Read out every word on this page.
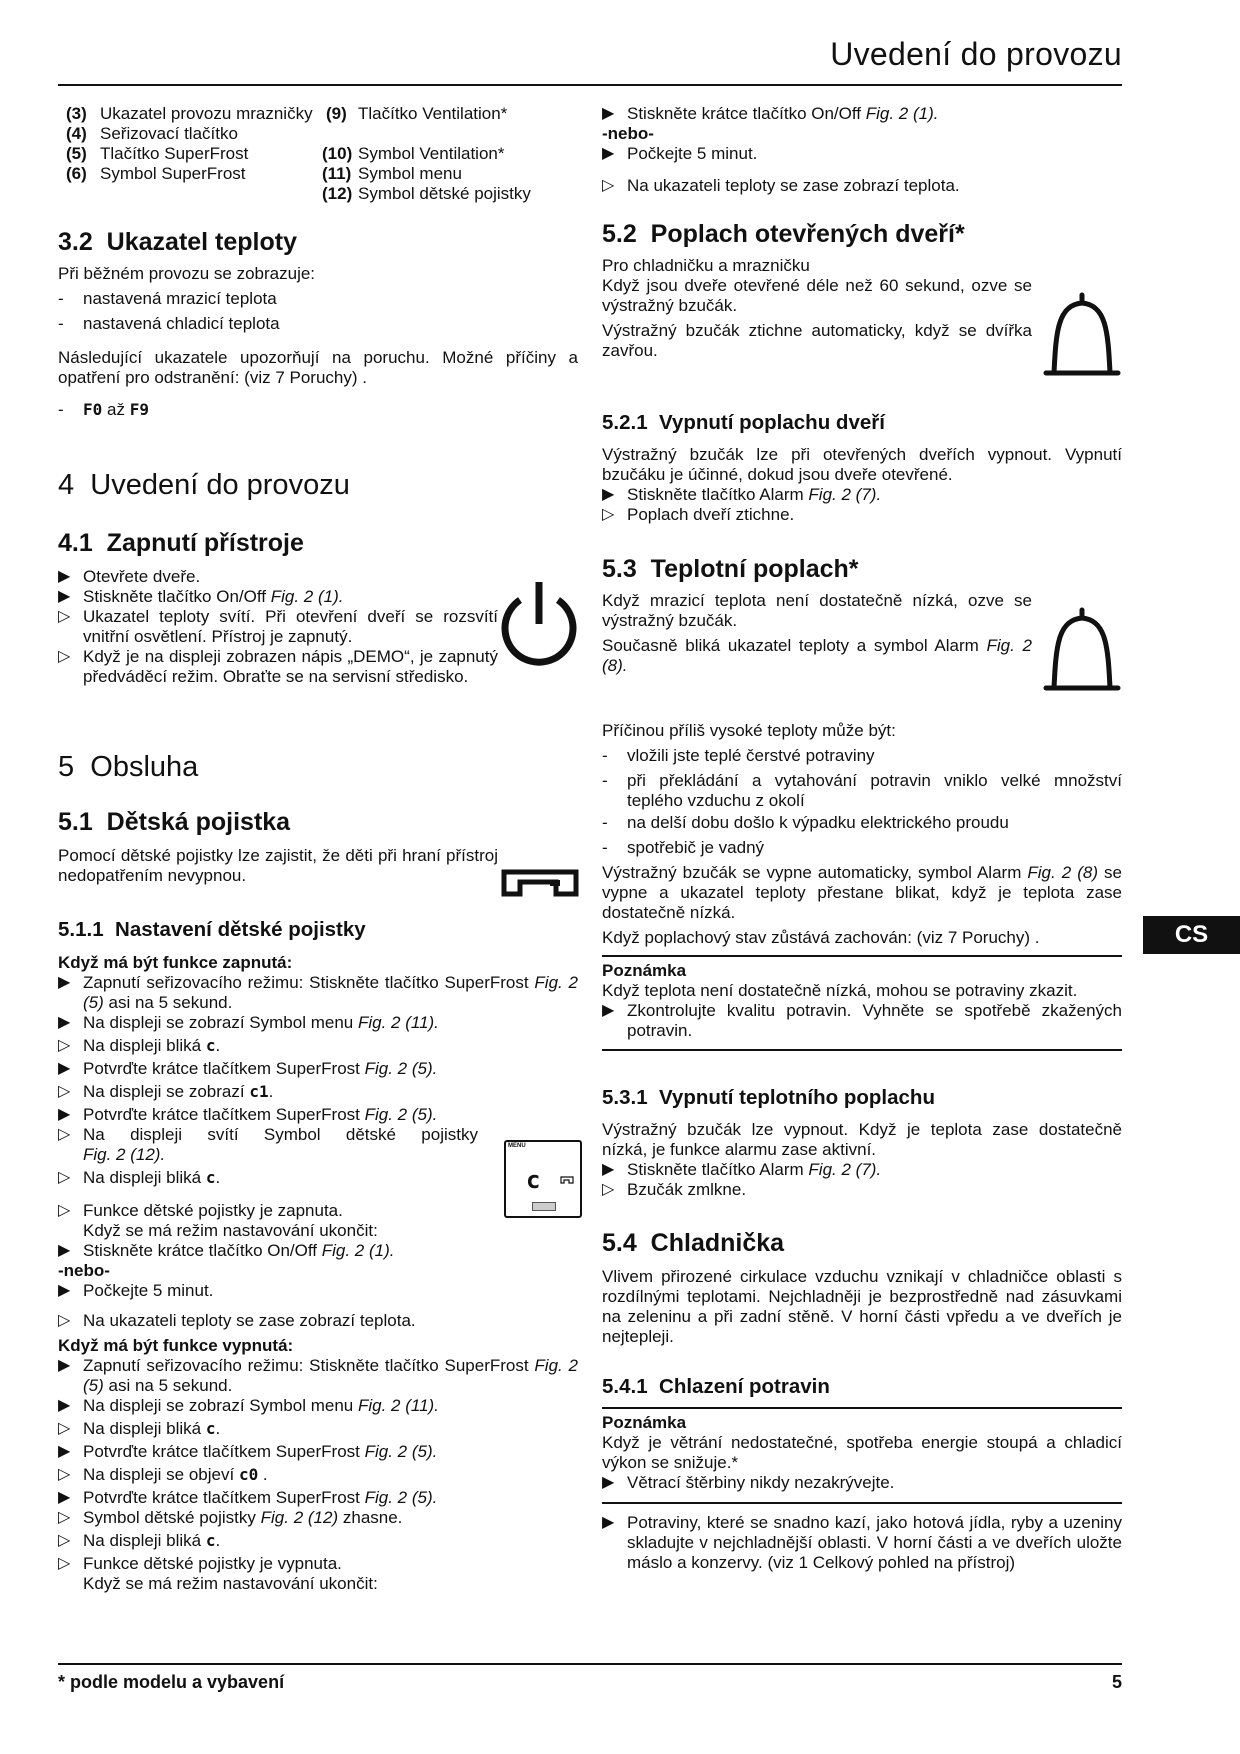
Uvedení do provozu
(3) Ukazatel provozu mrazničky
(4) Seřizovací tlačítko
(5) Tlačítko SuperFrost
(6) Symbol SuperFrost
(9) Tlačítko Ventilation*
(10) Symbol Ventilation*
(11) Symbol menu
(12) Symbol dětské pojistky
3.2 Ukazatel teploty

Při běžném provozu se zobrazuje:

- nastavená mrazicí teplota
- nastavená chladicí teplota

Následující ukazatele upozorňují na poruchu. Možné příčiny a opatření pro odstranění: (viz 7 Poruchy) .

- F0 až F9
4 Uvedení do provozu
4.1 Zapnutí přístroje
▶ Otevřete dveře.
▶ Stiskněte tlačítko On/Off Fig. 2 (1).
▷ Ukazatel teploty svítí. Při otevření dveří se rozsvítí vnitřní osvětlení. Přístroj je zapnutý.
▷ Když je na displeji zobrazen nápis „DEMO“, je zapnutý předváděcí režim. Obraťte se na servisní středisko.
5 Obsluha
5.1 Dětská pojistka

Pomocí dětské pojistky lze zajistit, že děti při hraní přístroj nedopatřením nevypnou.

5.1.1 Nastavení dětské pojistky

Když má být funkce zapnutá:

▶ Zapnutí seřizovacího režimu: Stiskněte tlačítko SuperFrost Fig. 2 (5) asi na 5 sekund.
▶ Na displeji se zobrazí Symbol menu Fig. 2 (11).
▷ Na displeji bliká c.
▶ Potvrďte krátce tlačítkem SuperFrost Fig. 2 (5).
▷ Na displeji se zobrazí c1.
▶ Potvrďte krátce tlačítkem SuperFrost Fig. 2 (5).
▷ Na displeji svítí Symbol dětské pojistky
Fig. 2 (12).
▷ Na displeji bliká c.
▷ Funkce dětské pojistky je zapnuta.
Když se má režim nastavování ukončit:
▶ Stiskněte krátce tlačítko On/Off Fig. 2 (1).

-nebo-

▶ Počkejte 5 minut.
▷ Na ukazateli teploty se zase zobrazí teplota.

Když má být funkce vypnutá:

▶ Zapnutí seřizovacího režimu: Stiskněte tlačítko SuperFrost Fig. 2 (5) asi na 5 sekund.
▶ Na displeji se zobrazí Symbol menu Fig. 2 (11).
▷ Na displeji bliká c.
▶ Potvrďte krátce tlačítkem SuperFrost Fig. 2 (5).
▷ Na displeji se objeví c0 .
▶ Potvrďte krátce tlačítkem SuperFrost Fig. 2 (5).
▷ Symbol dětské pojistky Fig. 2 (12) zhasne.
▷ Na displeji bliká c.
▷ Funkce dětské pojistky je vypnuta.
Když se má režim nastavování ukončit:
MENU
c
▶ Stiskněte krátce tlačítko On/Off Fig. 2 (1).

-nebo-

▶ Počkejte 5 minut.
▷ Na ukazateli teploty se zase zobrazí teplota.
5.2 Poplach otevřených dveří*

Pro chladničku a mrazničku

Když jsou dveře otevřené déle než 60 sekund, ozve se výstražný bzučák.

Výstražný bzučák ztichne automaticky, když se dvířka zavřou.

5.2.1 Vypnutí poplachu dveří

Výstražný bzučák lze při otevřených dveřích vypnout. Vypnutí bzučáku je účinné, dokud jsou dveře otevřené.

▶ Stiskněte tlačítko Alarm Fig. 2 (7).
▷ Poplach dveří ztichne.
5.3 Teplotní poplach*

Když mrazicí teplota není dostatečně nízká, ozve se výstražný bzučák.

Současně bliká ukazatel teploty a symbol Alarm Fig. 2 (8).

Příčinou příliš vysoké teploty může být:

- vložili jste teplé čerstvé potraviny
- při překládání a vytahování potravin vniklo velké množství teplého vzduchu z okolí
- na delší dobu došlo k výpadku elektrického proudu
- spotřebič je vadný

Výstražný bzučák se vypne automaticky, symbol Alarm Fig. 2 (8) se vypne a ukazatel teploty přestane blikat, když je teplota zase dostatečně nízká.

Když poplachový stav zůstává zachován: (viz 7 Poruchy) .

Poznámka

Když teplota není dostatečně nízká, mohou se potraviny zkazit.

▶ Zkontrolujte kvalitu potravin. Vyhněte se spotřebě zkažených potravin.
5.3.1 Vypnutí teplotního poplachu

Výstražný bzučák lze vypnout. Když je teplota zase dostatečně nízká, je funkce alarmu zase aktivní.

▶ Stiskněte tlačítko Alarm Fig. 2 (7).
▷ Bzučák zmlkne.
5.4 Chladnička

Vlivem přirozené cirkulace vzduchu vznikají v chladničce oblasti s rozdílnými teplotami. Nejchladněji je bezprostředně nad zásuvkami na zeleninu a při zadní stěně. V horní části vpředu a ve dveřích je nejtepleji.

5.4.1 Chlazení potravin

Poznámka

Když je větrání nedostatečné, spotřeba energie stoupá a chladicí výkon se snižuje.*

▶ Větrací štěrbiny nikdy nezakrývejte.
▶ Potraviny, které se snadno kazí, jako hotová jídla, ryby a uzeniny skladujte v nejchladnější oblasti. V horní části a ve dveřích uložte máslo a konzervy. (viz 1 Celkový pohled na přístroj)
CS
* podle modelu a vybavení	5
